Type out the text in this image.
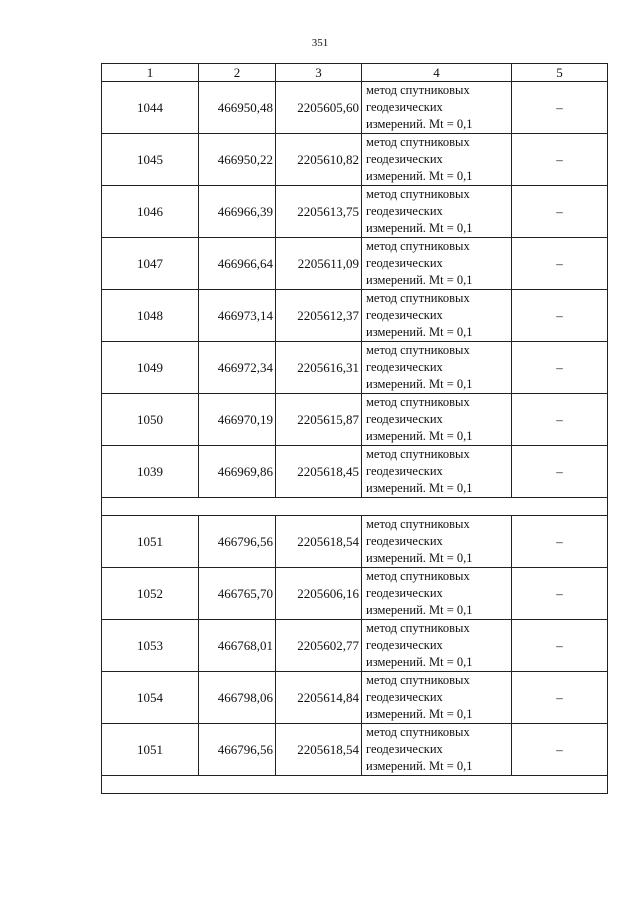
351
1	2	3	4	5
1044	466950,48	2205605,60	метод спутниковых
геодезических
измерений. Mt = 0,1	–
1045	466950,22	2205610,82	метод спутниковых
геодезических
измерений. Mt = 0,1	–
1046	466966,39	2205613,75	метод спутниковых
геодезических
измерений. Mt = 0,1	–
1047	466966,64	2205611,09	метод спутниковых
геодезических
измерений. Mt = 0,1	–
1048	466973,14	2205612,37	метод спутниковых
геодезических
измерений. Mt = 0,1	–
1049	466972,34	2205616,31	метод спутниковых
геодезических
измерений. Mt = 0,1	–
1050	466970,19	2205615,87	метод спутниковых
геодезических
измерений. Mt = 0,1	–
1039	466969,86	2205618,45	метод спутниковых
геодезических
измерений. Mt = 0,1	–

1051	466796,56	2205618,54	метод спутниковых
геодезических
измерений. Mt = 0,1	–
1052	466765,70	2205606,16	метод спутниковых
геодезических
измерений. Mt = 0,1	–
1053	466768,01	2205602,77	метод спутниковых
геодезических
измерений. Mt = 0,1	–
1054	466798,06	2205614,84	метод спутниковых
геодезических
измерений. Mt = 0,1	–
1051	466796,56	2205618,54	метод спутниковых
геодезических
измерений. Mt = 0,1	–
